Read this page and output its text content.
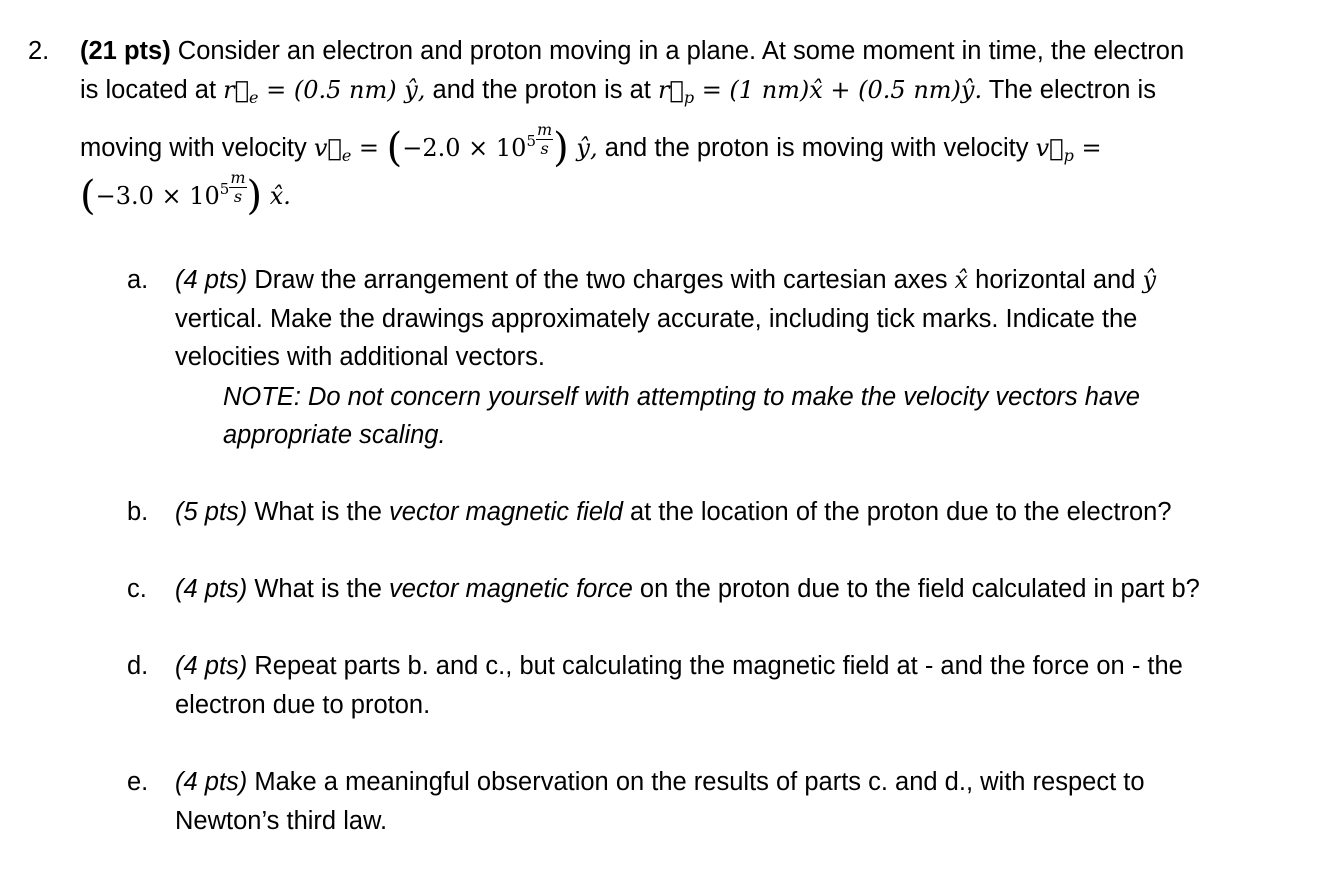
2. (21 pts) Consider an electron and proton moving in a plane. At some moment in time, the electron
is located at $r⃗_e = (0.5$ nm) ŷ, and the proton is at $r⃗_p = (1$ nm)x̂ + (0.5 nm)ŷ. The electron is
moving with velocity $v⃗_e = (-2.0 \times 10^5 \frac{m}{s}$ ) ŷ, and the proton is moving with velocity $v⃗_p$ =
($-3.0 \times 10^5 \frac{m}{s}$ ) x̂.
a. (4 pts) Draw the arrangement of the two charges with cartesian axes x̂ horizontal and ŷ
vertical. Make the drawings approximately accurate, including tick marks. Indicate the
velocities with additional vectors.
NOTE: Do not concern yourself with attempting to make the velocity vectors have
appropriate scaling.
b. (5 pts) What is the vector magnetic field at the location of the proton due to the electron?
c. (4 pts) What is the vector magnetic force on the proton due to the field calculated in part b?
d. (4 pts) Repeat parts b. and c., but calculating the magnetic field at - and the force on - the
electron due to proton.
e. (4 pts) Make a meaningful observation on the results of parts c. and d., with respect to
Newton’s third law.
